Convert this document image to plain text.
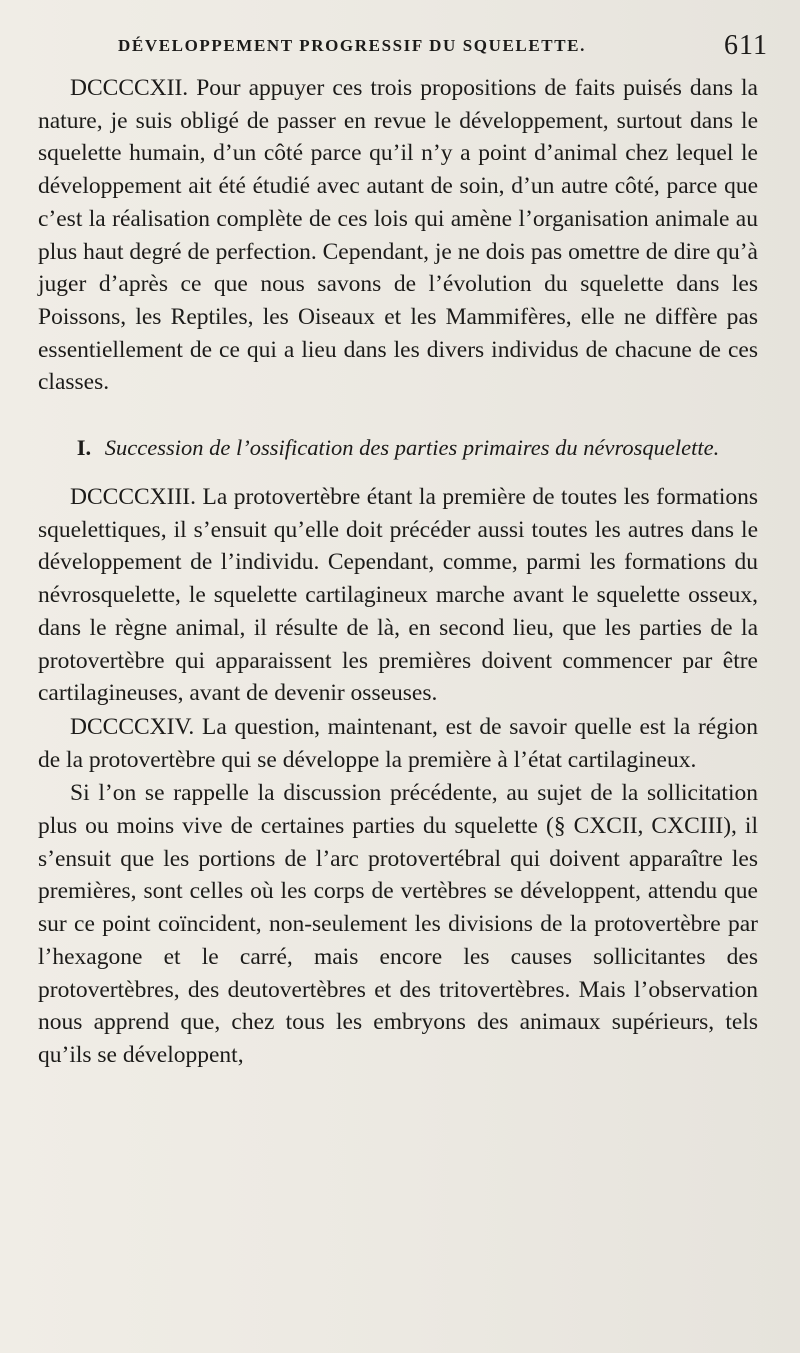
DÉVELOPPEMENT PROGRESSIF DU SQUELETTE.	611

DCCCCXII. Pour appuyer ces trois propositions de faits puisés dans la nature, je suis obligé de passer en revue le développement, surtout dans le squelette humain, d’un côté parce qu’il n’y a point d’animal chez lequel le développement ait été étudié avec autant de soin, d’un autre côté, parce que c’est la réalisation complète de ces lois qui amène l’organisation animale au plus haut degré de perfection. Cependant, je ne dois pas omettre de dire qu’à juger d’après ce que nous savons de l’évolution du squelette dans les Poissons, les Reptiles, les Oiseaux et les Mammifères, elle ne diffère pas essentiellement de ce qui a lieu dans les divers individus de chacune de ces classes.

I. Succession de l’ossification des parties primaires du névrosquelette.

DCCCCXIII. La protovertèbre étant la première de toutes les formations squelettiques, il s’ensuit qu’elle doit précéder aussi toutes les autres dans le développement de l’individu. Cependant, comme, parmi les formations du névrosquelette, le squelette cartilagineux marche avant le squelette osseux, dans le règne animal, il résulte de là, en second lieu, que les parties de la protovertèbre qui apparaissent les premières doivent commencer par être cartilagineuses, avant de devenir osseuses.

DCCCCXIV. La question, maintenant, est de savoir quelle est la région de la protovertèbre qui se développe la première à l’état cartilagineux.

Si l’on se rappelle la discussion précédente, au sujet de la sollicitation plus ou moins vive de certaines parties du squelette (§ CXCII, CXCIII), il s’ensuit que les portions de l’arc protovertébral qui doivent apparaître les premières, sont celles où les corps de vertèbres se développent, attendu que sur ce point coïncident, non-seulement les divisions de la protovertèbre par l’hexagone et le carré, mais encore les causes sollicitantes des protovertèbres, des deutovertèbres et des tritovertèbres. Mais l’observation nous apprend que, chez tous les embryons des animaux supérieurs, tels qu’ils se développent,
